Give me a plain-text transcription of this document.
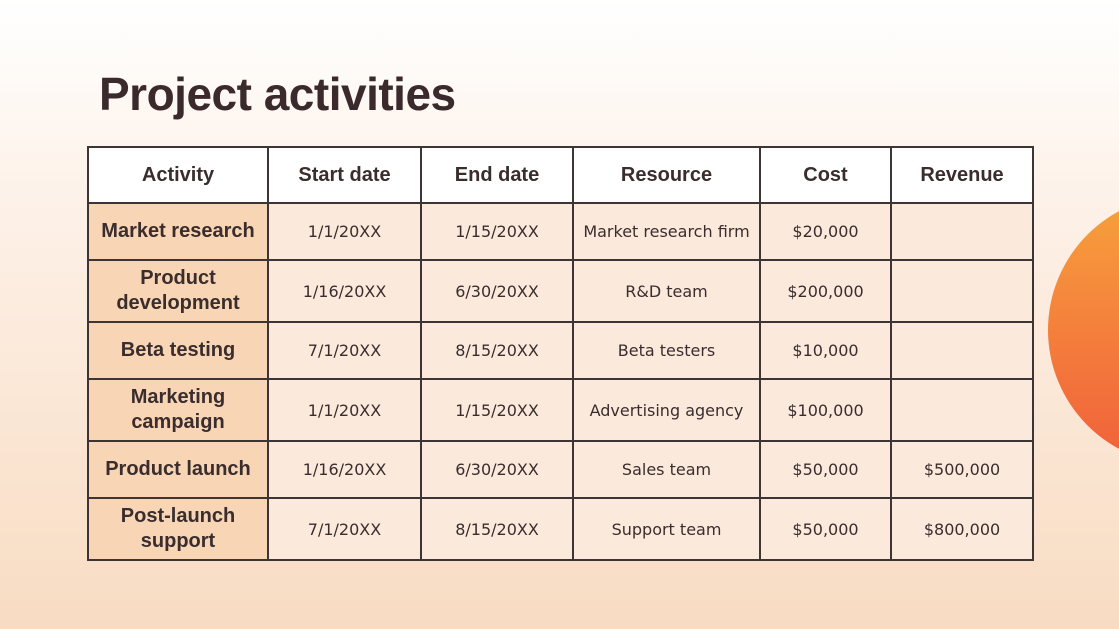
Project activities
Activity	Start date	End date	Resource	Cost	Revenue
Market research	1/1/20XX	1/15/20XX	Market research firm	$20,000	
Product development	1/16/20XX	6/30/20XX	R&D team	$200,000	
Beta testing	7/1/20XX	8/15/20XX	Beta testers	$10,000	
Marketing campaign	1/1/20XX	1/15/20XX	Advertising agency	$100,000	
Product launch	1/16/20XX	6/30/20XX	Sales team	$50,000	$500,000
Post-launch support	7/1/20XX	8/15/20XX	Support team	$50,000	$800,000
